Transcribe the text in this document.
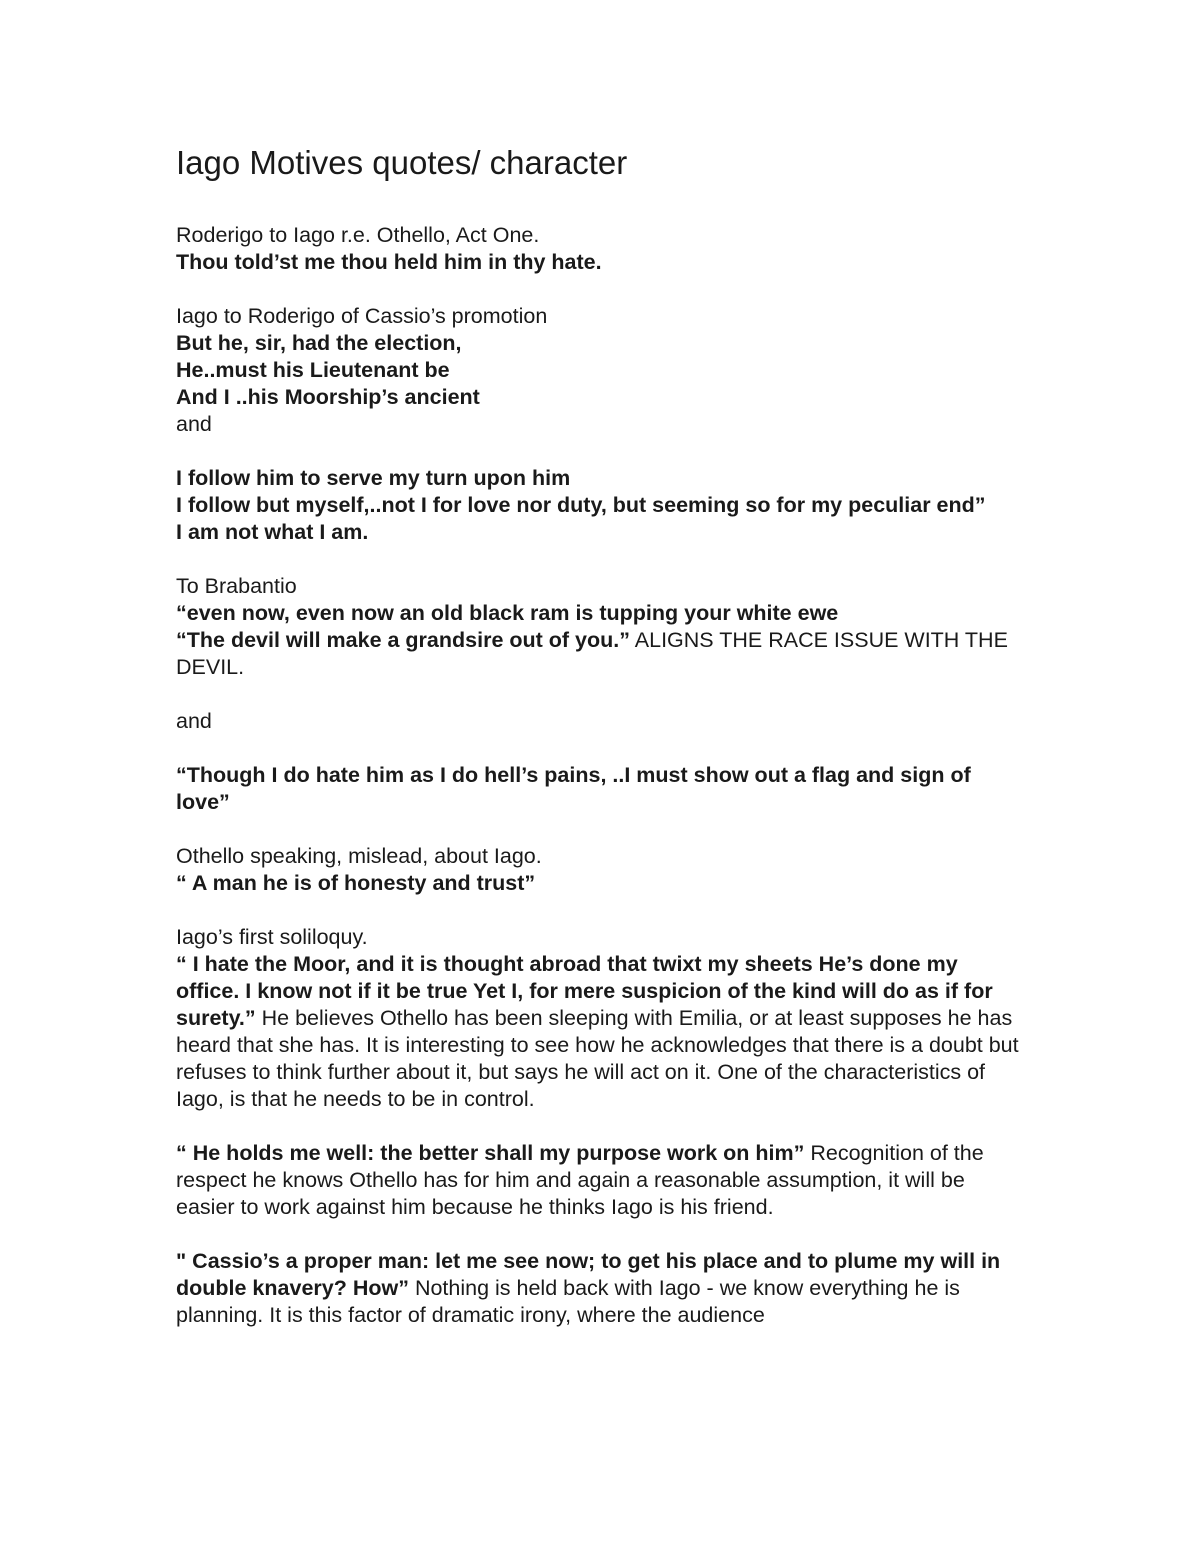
Iago Motives quotes/ character
Roderigo to Iago r.e. Othello, Act One.
Thou told’st me thou held him in thy hate.
Iago to Roderigo of Cassio’s promotion
But he, sir, had the election,
He..must his Lieutenant be
And I ..his Moorship’s ancient
and
I follow him to serve my turn upon him
I follow but myself,..not I for love nor duty, but seeming so for my peculiar end”
I am not what I am.
To Brabantio
“even now, even now an old black ram is tupping your white ewe
“The devil will make a grandsire out of you.” ALIGNS THE RACE ISSUE WITH THE DEVIL.
and
“Though I do hate him as I do hell’s pains, ..I must show out a flag and sign of love”
Othello speaking, mislead, about Iago.
“ A man he is of honesty and trust”
Iago’s first soliloquy.
“ I hate the Moor, and it is thought abroad that twixt my sheets He’s done my office. I know not if it be true Yet I, for mere suspicion of the kind will do as if for surety.” He believes Othello has been sleeping with Emilia, or at least supposes he has heard that she has. It is interesting to see how he acknowledges that there is a doubt but refuses to think further about it, but says he will act on it. One of the characteristics of Iago, is that he needs to be in control.
“ He holds me well: the better shall my purpose work on him” Recognition of the respect he knows Othello has for him and again a reasonable assumption, it will be easier to work against him because he thinks Iago is his friend.
" Cassio’s a proper man: let me see now; to get his place and to plume my will in double knavery? How” Nothing is held back with Iago - we know everything he is planning. It is this factor of dramatic irony, where the audience
